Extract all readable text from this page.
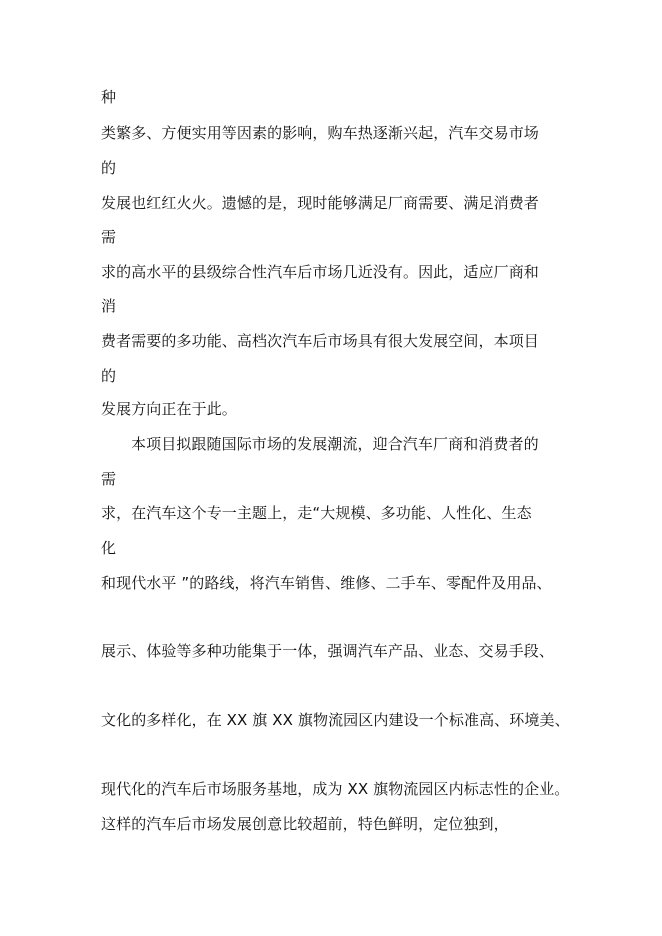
种

类繁多、方便实用等因素的影响，购车热逐渐兴起，汽车交易市场

的

发展也红红火火。遗憾的是，现时能够满足厂商需要、满足消费者

需

求的高水平的县级综合性汽车后市场几近没有。因此，适应厂商和

消

费者需要的多功能、高档次汽车后市场具有很大发展空间，本项目

的

发展方向正在于此。

本项目拟跟随国际市场的发展潮流，迎合汽车厂商和消费者的

需

求，在汽车这个专一主题上，走“大规模、多功能、人性化、生态

化

和现代水平 ”的路线，将汽车销售、维修、二手车、零配件及用品、

展示、体验等多种功能集于一体，强调汽车产品、业态、交易手段、

文化的多样化，在 XX 旗 XX 旗物流园区内建设一个标准高、环境美、

现代化的汽车后市场服务基地，成为 XX 旗物流园区内标志性的企业。

这样的汽车后市场发展创意比较超前，特色鲜明，定位独到，
